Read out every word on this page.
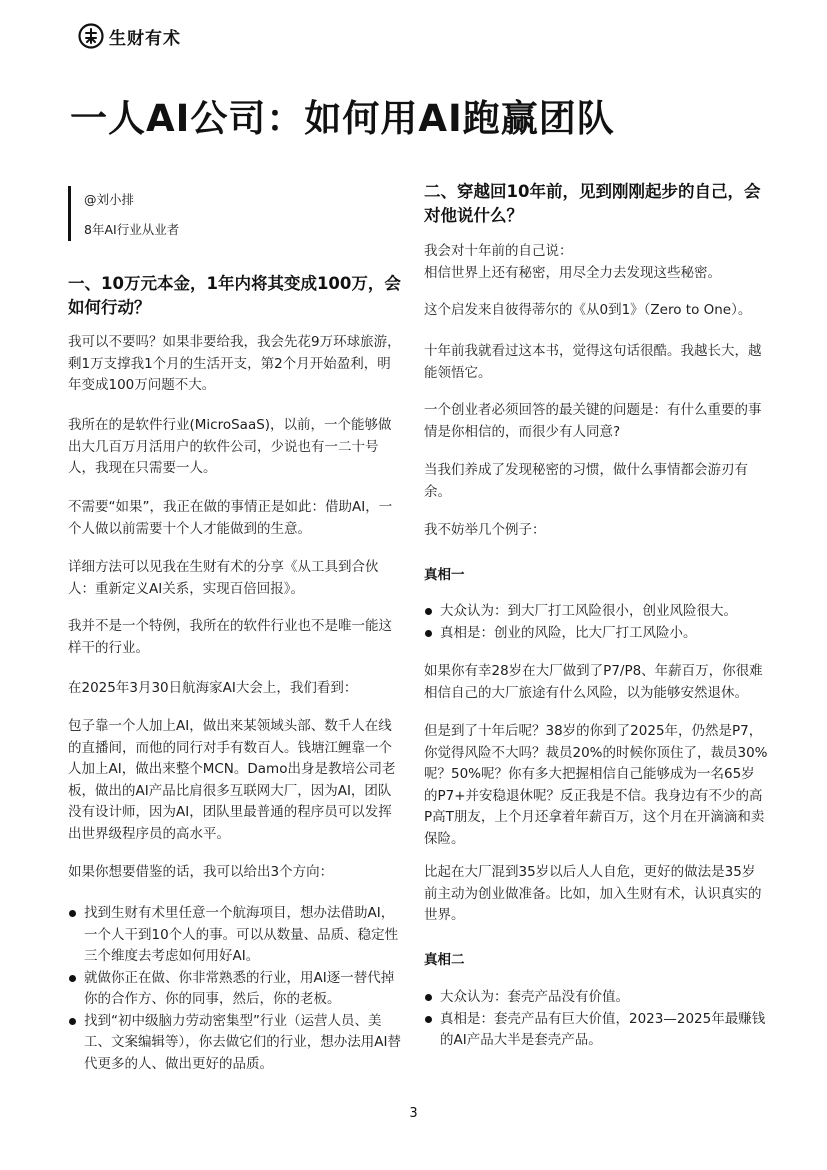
生财有术
一人AI公司：如何用AI跑赢团队

@刘小排

8年AI行业从业者

一、10万元本金，1年内将其变成100万，会如何行动？

我可以不要吗？如果非要给我，我会先花9万环球旅游，剩1万支撑我1个月的生活开支，第2个月开始盈利，明年变成100万问题不大。

我所在的是软件行业(MicroSaaS)，以前，一个能够做出大几百万月活用户的软件公司，少说也有一二十号人，我现在只需要一人。

不需要“如果”，我正在做的事情正是如此：借助AI，一个人做以前需要十个人才能做到的生意。

详细方法可以见我在生财有术的分享《从工具到合伙人：重新定义AI关系，实现百倍回报》。

我并不是一个特例，我所在的软件行业也不是唯一能这样干的行业。

在2025年3月30日航海家AI大会上，我们看到：

包子靠一个人加上AI，做出来某领域头部、数千人在线的直播间，而他的同行对手有数百人。钱塘江鲤靠一个人加上AI，做出来整个MCN。Damo出身是教培公司老板，做出的AI产品比肩很多互联网大厂，因为AI，团队没有设计师，因为AI，团队里最普通的程序员可以发挥出世界级程序员的高水平。

如果你想要借鉴的话，我可以给出3个方向：

找到生财有术里任意一个航海项目，想办法借助AI，一个人干到10个人的事。可以从数量、品质、稳定性三个维度去考虑如何用好AI。
就做你正在做、你非常熟悉的行业，用AI逐一替代掉你的合作方、你的同事，然后，你的老板。
找到“初中级脑力劳动密集型”行业（运营人员、美工、文案编辑等），你去做它们的行业，想办法用AI替代更多的人、做出更好的品质。
二、穿越回10年前，见到刚刚起步的自己，会对他说什么？

我会对十年前的自己说：
相信世界上还有秘密，用尽全力去发现这些秘密。

这个启发来自彼得蒂尔的《从0到1》（Zero to One）。

十年前我就看过这本书，觉得这句话很酷。我越长大，越能领悟它。

一个创业者必须回答的最关键的问题是：有什么重要的事情是你相信的，而很少有人同意?

当我们养成了发现秘密的习惯，做什么事情都会游刃有余。

我不妨举几个例子：

真相一

大众认为：到大厂打工风险很小，创业风险很大。
真相是：创业的风险，比大厂打工风险小。

如果你有幸28岁在大厂做到了P7/P8、年薪百万，你很难相信自己的大厂旅途有什么风险，以为能够安然退休。

但是到了十年后呢？38岁的你到了2025年，仍然是P7，你觉得风险不大吗？裁员20%的时候你顶住了，裁员30%呢？50%呢？你有多大把握相信自己能够成为一名65岁的P7+并安稳退休呢？反正我是不信。我身边有不少的高P高T朋友，上个月还拿着年薪百万，这个月在开滴滴和卖保险。

比起在大厂混到35岁以后人人自危，更好的做法是35岁前主动为创业做准备。比如，加入生财有术，认识真实的世界。

真相二

大众认为：套壳产品没有价值。
真相是：套壳产品有巨大价值，2023—2025年最赚钱的AI产品大半是套壳产品。

3
